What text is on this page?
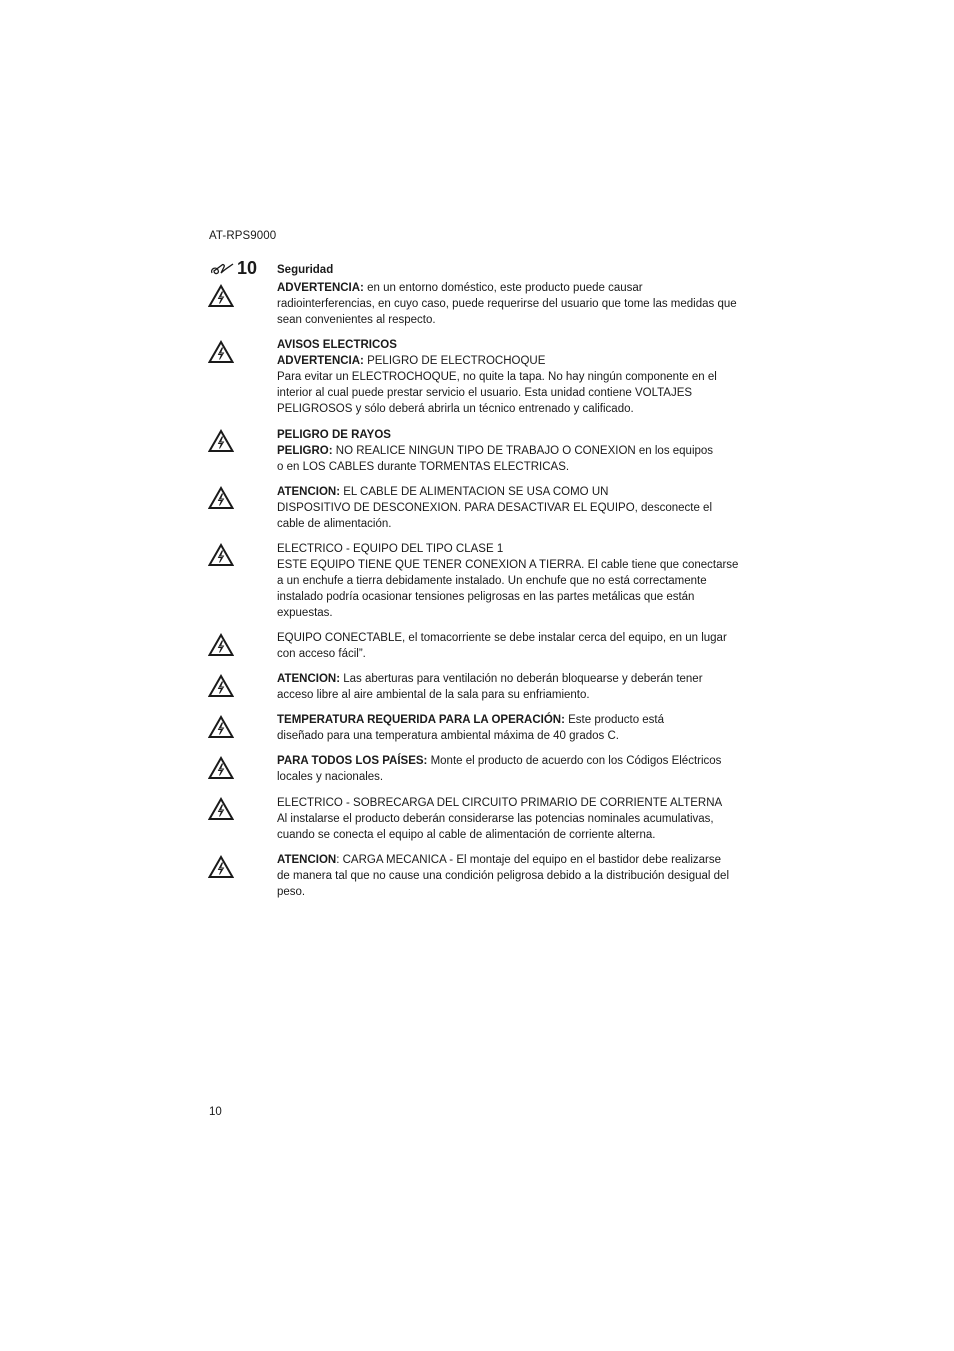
AT-RPS9000
10 Seguridad
ADVERTENCIA: en un entorno doméstico, este producto puede causar
radiointerferencias, en cuyo caso, puede requerirse del usuario que tome las medidas que
sean convenientes al respecto.
AVISOS ELECTRICOS
ADVERTENCIA: PELIGRO DE ELECTROCHOQUE
Para evitar un ELECTROCHOQUE, no quite la tapa. No hay ningún componente en el
interior al cual puede prestar servicio el usuario. Esta unidad contiene VOLTAJES
PELIGROSOS y sólo deberá abrirla un técnico entrenado y calificado.
PELIGRO DE RAYOS
PELIGRO: NO REALICE NINGUN TIPO DE TRABAJO O CONEXION en los equipos
o en LOS CABLES durante TORMENTAS ELECTRICAS.
ATENCION: EL CABLE DE ALIMENTACION SE USA COMO UN
DISPOSITIVO DE DESCONEXION. PARA DESACTIVAR EL EQUIPO, desconecte el
cable de alimentación.
ELECTRICO - EQUIPO DEL TIPO CLASE 1
ESTE EQUIPO TIENE QUE TENER CONEXION A TIERRA. El cable tiene que conectarse
a un enchufe a tierra debidamente instalado. Un enchufe que no está correctamente
instalado podría ocasionar tensiones peligrosas en las partes metálicas que están
expuestas.
EQUIPO CONECTABLE, el tomacorriente se debe instalar cerca del equipo, en un lugar
con acceso fácil”.
ATENCION: Las aberturas para ventilación no deberán bloquearse y deberán tener
acceso libre al aire ambiental de la sala para su enfriamiento.
TEMPERATURA REQUERIDA PARA LA OPERACIÓN: Este producto está
diseñado para una temperatura ambiental máxima de 40 grados C.
PARA TODOS LOS PAÍSES: Monte el producto de acuerdo con los Códigos Eléctricos
locales y nacionales.
ELECTRICO - SOBRECARGA DEL CIRCUITO PRIMARIO DE CORRIENTE ALTERNA
Al instalarse el producto deberán considerarse las potencias nominales acumulativas,
cuando se conecta el equipo al cable de alimentación de corriente alterna.
ATENCION: CARGA MECANICA - El montaje del equipo en el bastidor debe realizarse
de manera tal que no cause una condición peligrosa debido a la distribución desigual del
peso.
10
